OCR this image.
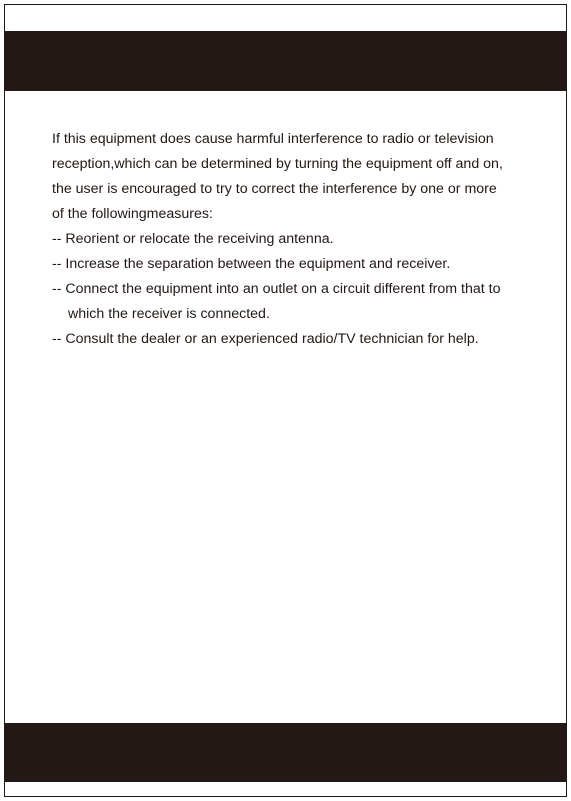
If this equipment does cause harmful interference to radio or television
reception,which can be determined by turning the equipment off and on,
the user is encouraged to try to correct the interference by one or more
of the followingmeasures:
-- Reorient or relocate the receiving antenna.
-- Increase the separation between the equipment and receiver.
-- Connect the equipment into an outlet on a circuit different from that to
which the receiver is connected.
-- Consult the dealer or an experienced radio/TV technician for help.
